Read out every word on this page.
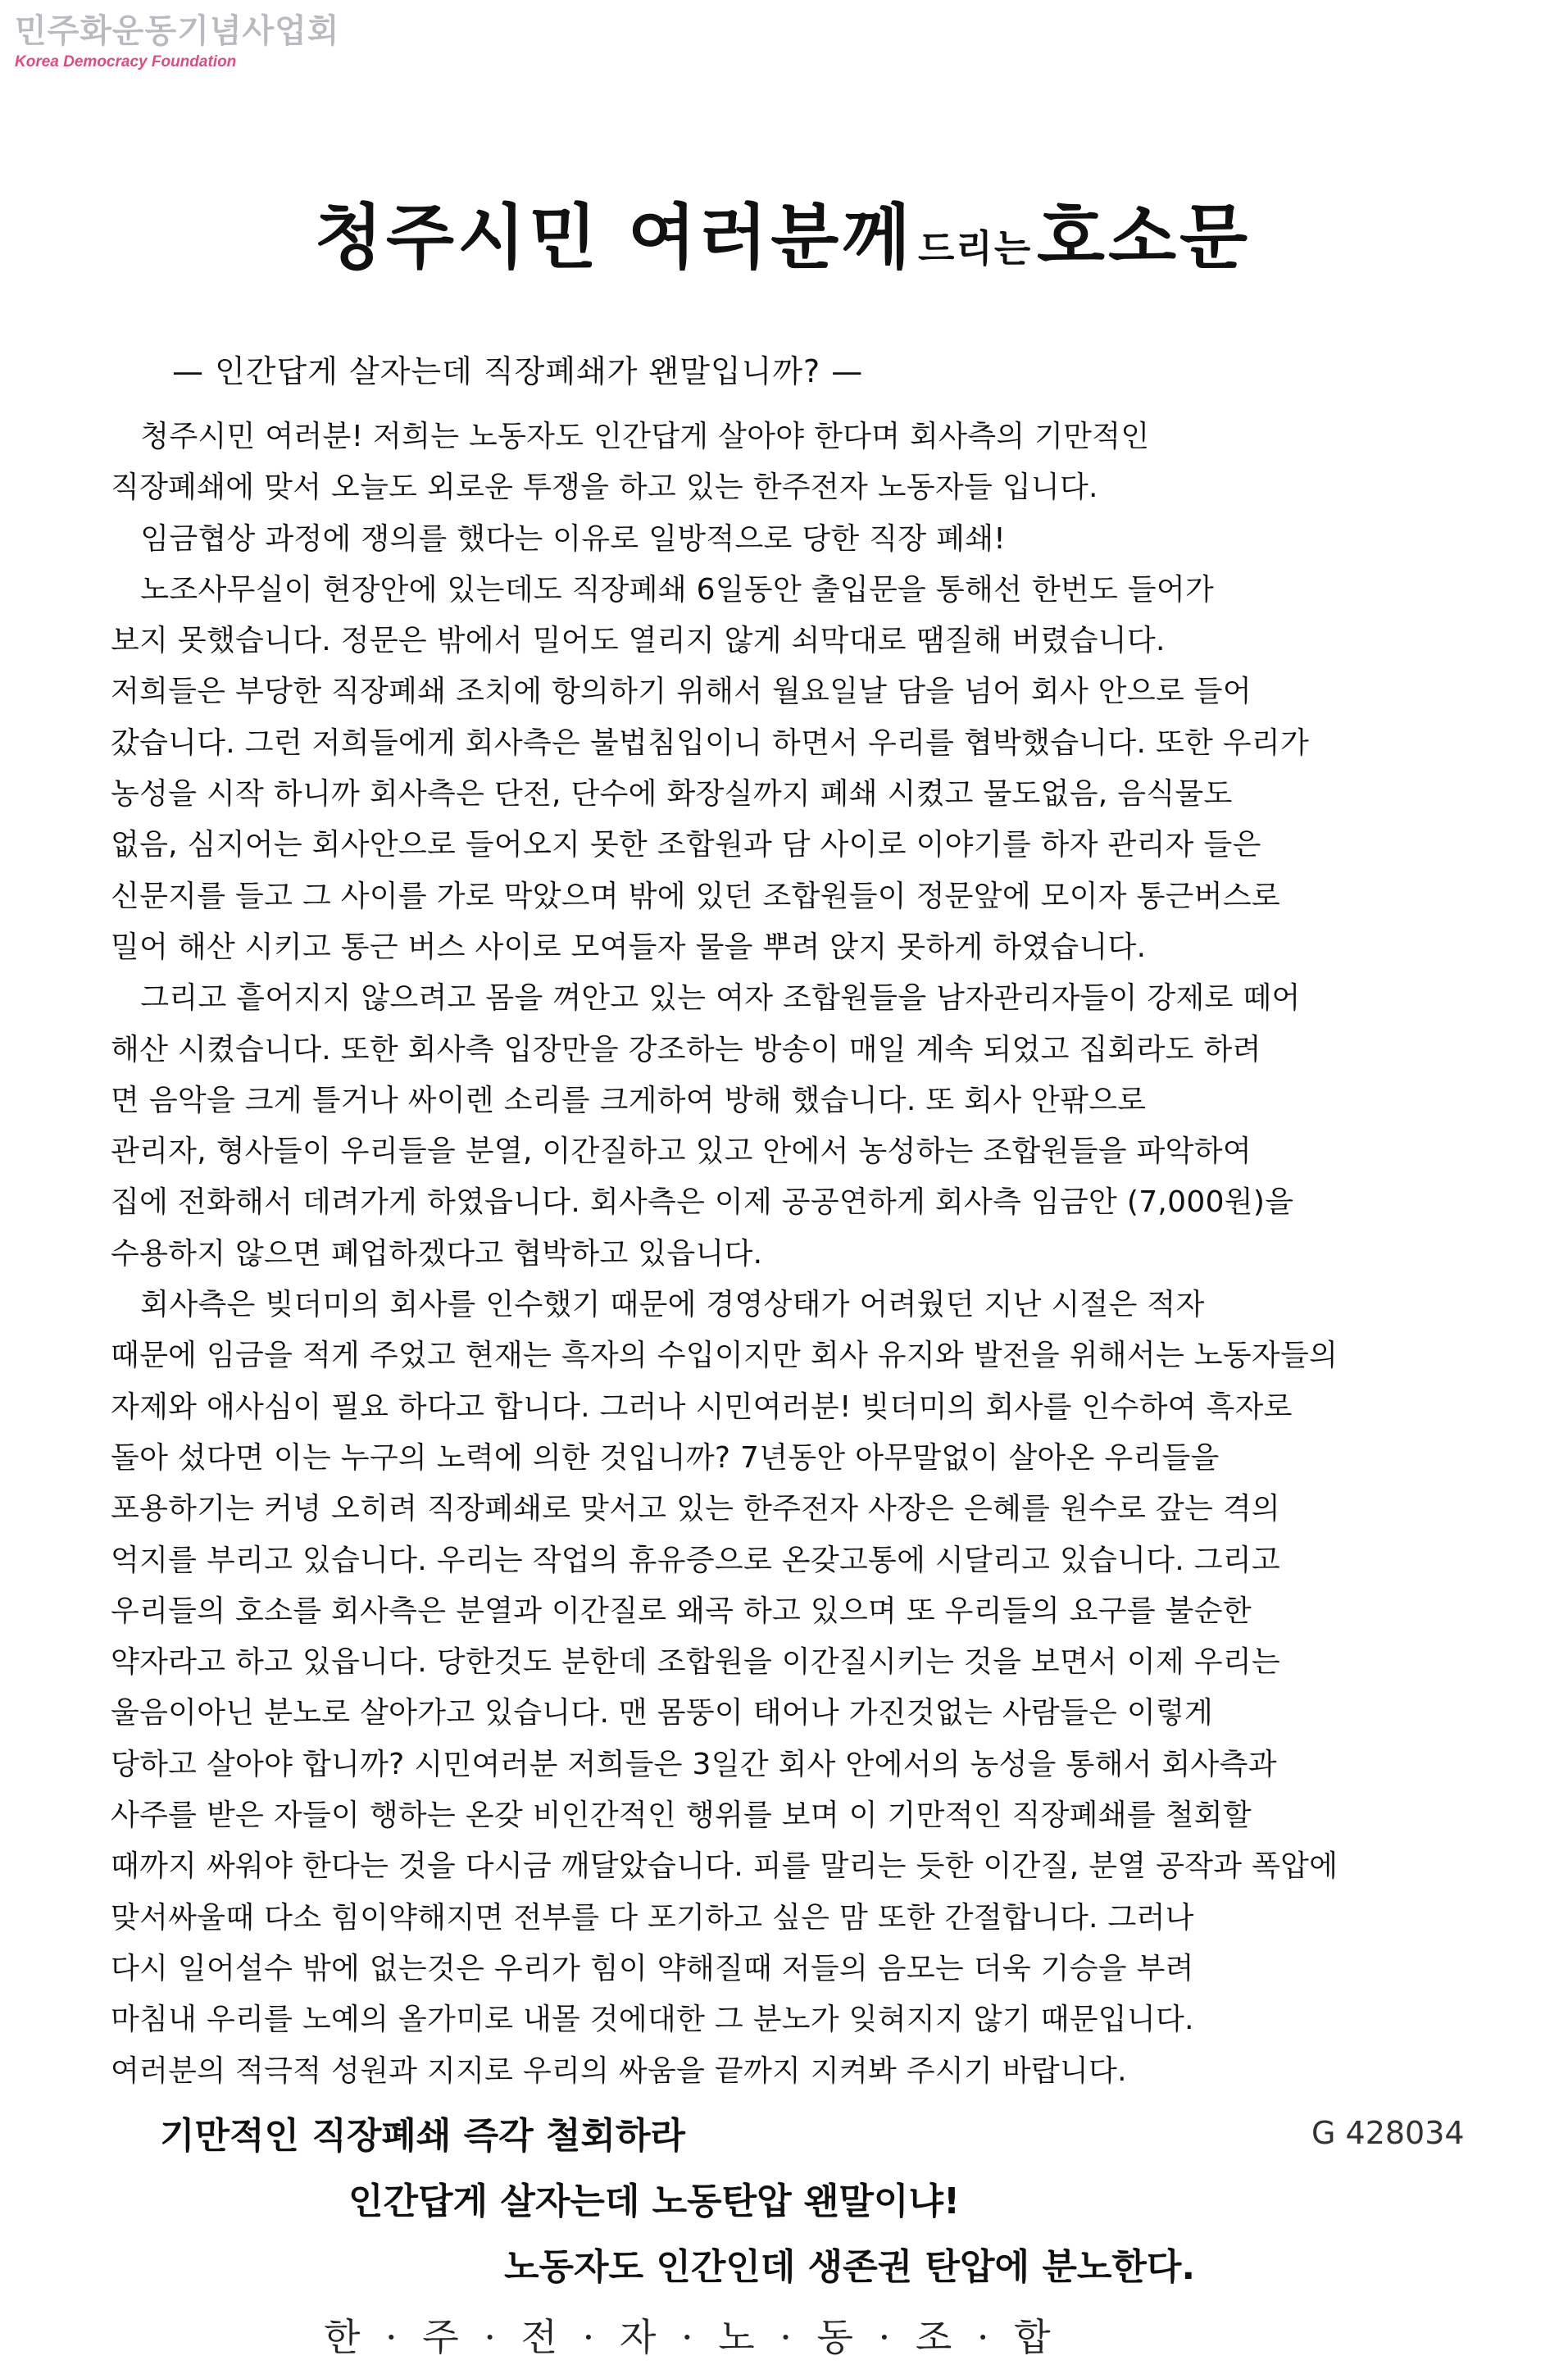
민주화운동기념사업회
Korea Democracy Foundation
청주시민 여러분께 드리는 호소문
— 인간답게 살자는데 직장폐쇄가 왠말입니까? —
　청주시민 여러분! 저희는 노동자도 인간답게 살아야 한다며 회사측의 기만적인
직장폐쇄에 맞서 오늘도 외로운 투쟁을 하고 있는 한주전자 노동자들 입니다.
　임금협상 과정에 쟁의를 했다는 이유로 일방적으로 당한 직장 폐쇄!
　노조사무실이 현장안에 있는데도 직장폐쇄 6일동안 출입문을 통해선 한번도 들어가
보지 못했습니다. 정문은 밖에서 밀어도 열리지 않게 쇠막대로 땜질해 버렸습니다.
저희들은 부당한 직장폐쇄 조치에 항의하기 위해서 월요일날 담을 넘어 회사 안으로 들어
갔습니다. 그런 저희들에게 회사측은 불법침입이니 하면서 우리를 협박했습니다. 또한 우리가
농성을 시작 하니까 회사측은 단전, 단수에 화장실까지 폐쇄 시켰고 물도없음, 음식물도
없음, 심지어는 회사안으로 들어오지 못한 조합원과 담 사이로 이야기를 하자 관리자 들은
신문지를 들고 그 사이를 가로 막았으며 밖에 있던 조합원들이 정문앞에 모이자 통근버스로
밀어 해산 시키고 통근 버스 사이로 모여들자 물을 뿌려 앉지 못하게 하였습니다.
　그리고 흩어지지 않으려고 몸을 껴안고 있는 여자 조합원들을 남자관리자들이 강제로 떼어
해산 시켰습니다. 또한 회사측 입장만을 강조하는 방송이 매일 계속 되었고 집회라도 하려
면 음악을 크게 틀거나 싸이렌 소리를 크게하여 방해 했습니다. 또 회사 안팎으로
관리자, 형사들이 우리들을 분열, 이간질하고 있고 안에서 농성하는 조합원들을 파악하여
집에 전화해서 데려가게 하였읍니다. 회사측은 이제 공공연하게 회사측 임금안 (7,000원)을
수용하지 않으면 폐업하겠다고 협박하고 있읍니다.
　회사측은 빚더미의 회사를 인수했기 때문에 경영상태가 어려웠던 지난 시절은 적자
때문에 임금을 적게 주었고 현재는 흑자의 수입이지만 회사 유지와 발전을 위해서는 노동자들의
자제와 애사심이 필요 하다고 합니다. 그러나 시민여러분! 빚더미의 회사를 인수하여 흑자로
돌아 섰다면 이는 누구의 노력에 의한 것입니까? 7년동안 아무말없이 살아온 우리들을
포용하기는 커녕 오히려 직장폐쇄로 맞서고 있는 한주전자 사장은 은혜를 원수로 갚는 격의
억지를 부리고 있습니다. 우리는 작업의 휴유증으로 온갖고통에 시달리고 있습니다. 그리고
우리들의 호소를 회사측은 분열과 이간질로 왜곡 하고 있으며 또 우리들의 요구를 불순한
약자라고 하고 있읍니다. 당한것도 분한데 조합원을 이간질시키는 것을 보면서 이제 우리는
울음이아닌 분노로 살아가고 있습니다. 맨 몸뚱이 태어나 가진것없는 사람들은 이렇게
당하고 살아야 합니까? 시민여러분 저희들은 3일간 회사 안에서의 농성을 통해서 회사측과
사주를 받은 자들이 행하는 온갖 비인간적인 행위를 보며 이 기만적인 직장폐쇄를 철회할
때까지 싸워야 한다는 것을 다시금 깨달았습니다. 피를 말리는 듯한 이간질, 분열 공작과 폭압에
맞서싸울때 다소 힘이약해지면 전부를 다 포기하고 싶은 맘 또한 간절합니다. 그러나
다시 일어설수 밖에 없는것은 우리가 힘이 약해질때 저들의 음모는 더욱 기승을 부려
마침내 우리를 노예의 올가미로 내몰 것에대한 그 분노가 잊혀지지 않기 때문입니다.
여러분의 적극적 성원과 지지로 우리의 싸움을 끝까지 지켜봐 주시기 바랍니다.
기만적인 직장폐쇄 즉각 철회하라
인간답게 살자는데 노동탄압 왠말이냐!
노동자도 인간인데 생존권 탄압에 분노한다.
한 · 주 · 전 · 자 · 노 · 동 · 조 · 합
G 428034
